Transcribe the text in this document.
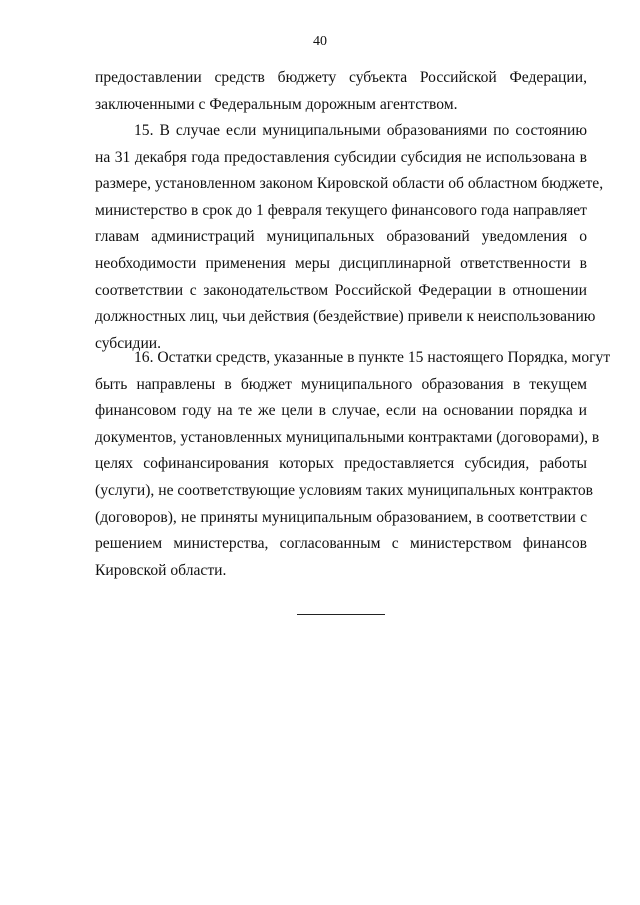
40
предоставлении средств бюджету субъекта Российской Федерации,
заключенными с Федеральным дорожным агентством.
15. В случае если муниципальными образованиями по состоянию
на 31 декабря года предоставления субсидии субсидия не использована в
размере, установленном законом Кировской области об областном бюджете,
министерство в срок до 1 февраля текущего финансового года направляет
главам администраций муниципальных образований уведомления о
необходимости применения меры дисциплинарной ответственности в
соответствии с законодательством Российской Федерации в отношении
должностных лиц, чьи действия (бездействие) привели к неиспользованию
субсидии.
16. Остатки средств, указанные в пункте 15 настоящего Порядка, могут
быть направлены в бюджет муниципального образования в текущем
финансовом году на те же цели в случае, если на основании порядка и
документов, установленных муниципальными контрактами (договорами), в
целях софинансирования которых предоставляется субсидия, работы
(услуги), не соответствующие условиям таких муниципальных контрактов
(договоров), не приняты муниципальным образованием, в соответствии с
решением министерства, согласованным с министерством финансов
Кировской области.
